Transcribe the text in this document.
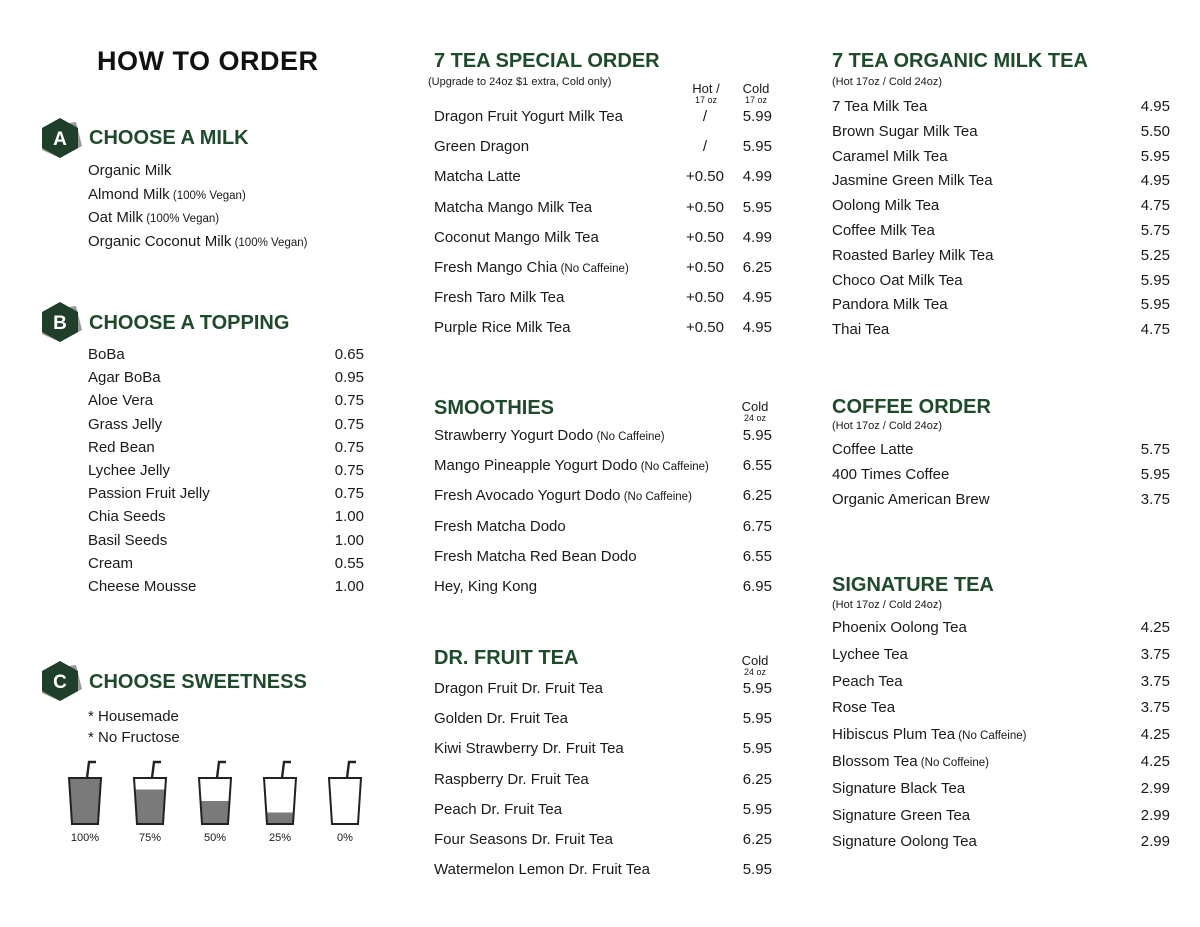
HOW TO ORDER
A CHOOSE A MILK
Organic Milk
Almond Milk (100% Vegan)
Oat Milk (100% Vegan)
Organic Coconut Milk (100% Vegan)
B CHOOSE A TOPPING
BoBa	0.65
Agar BoBa	0.95
Aloe Vera	0.75
Grass Jelly	0.75
Red Bean	0.75
Lychee Jelly	0.75
Passion Fruit Jelly	0.75
Chia Seeds	1.00
Basil Seeds	1.00
Cream	0.55
Cheese Mousse	1.00
C CHOOSE SWEETNESS
* Housemade
* No Fructose
100%	75%	50%	25%	0%
7 TEA SPECIAL ORDER
(Upgrade to 24oz $1 extra, Cold only)	Hot /
17 oz
Cold
17 oz
Dragon Fruit Yogurt Milk Tea	/	5.99
Green Dragon	/	5.95
Matcha Latte	+0.50 4.99
Matcha Mango Milk Tea	+0.50 5.95
Coconut Mango Milk Tea	+0.50 4.99
Fresh Mango Chia (No Caffeine)	+0.50 6.25
Fresh Taro Milk Tea	+0.50 4.95
Purple Rice Milk Tea	+0.50 4.95
SMOOTHIES	Cold
24 oz
Strawberry Yogurt Dodo (No Caffeine)	5.95
Mango Pineapple Yogurt Dodo (No Caffeine) 6.55
Fresh Avocado Yogurt Dodo (No Caffeine)	6.25
Fresh Matcha Dodo	6.75
Fresh Matcha Red Bean Dodo	6.55
Hey, King Kong	6.95
DR. FRUIT TEA	Cold
24 oz
Dragon Fruit Dr. Fruit Tea	5.95
Golden Dr. Fruit Tea	5.95
Kiwi Strawberry Dr. Fruit Tea	5.95
Raspberry Dr. Fruit Tea	6.25
Peach Dr. Fruit Tea	5.95
Four Seasons Dr. Fruit Tea	6.25
Watermelon Lemon Dr. Fruit Tea	5.95
7 TEA ORGANIC MILK TEA
(Hot 17oz / Cold 24oz)
7 Tea Milk Tea	4.95
Brown Sugar Milk Tea	5.50
Caramel Milk Tea	5.95
Jasmine Green Milk Tea	4.95
Oolong Milk Tea	4.75
Coffee Milk Tea	5.75
Roasted Barley Milk Tea	5.25
Choco Oat Milk Tea	5.95
Pandora Milk Tea	5.95
Thai Tea	4.75
COFFEE ORDER
(Hot 17oz / Cold 24oz)
Coffee Latte	5.75
400 Times Coffee	5.95
Organic American Brew	3.75
SIGNATURE TEA
(Hot 17oz / Cold 24oz)
Phoenix Oolong Tea	4.25
Lychee Tea	3.75
Peach Tea	3.75
Rose Tea	3.75
Hibiscus Plum Tea (No Caffeine)	4.25
Blossom Tea (No Coffeine)	4.25
Signature Black Tea	2.99
Signature Green Tea	2.99
Signature Oolong Tea	2.99
